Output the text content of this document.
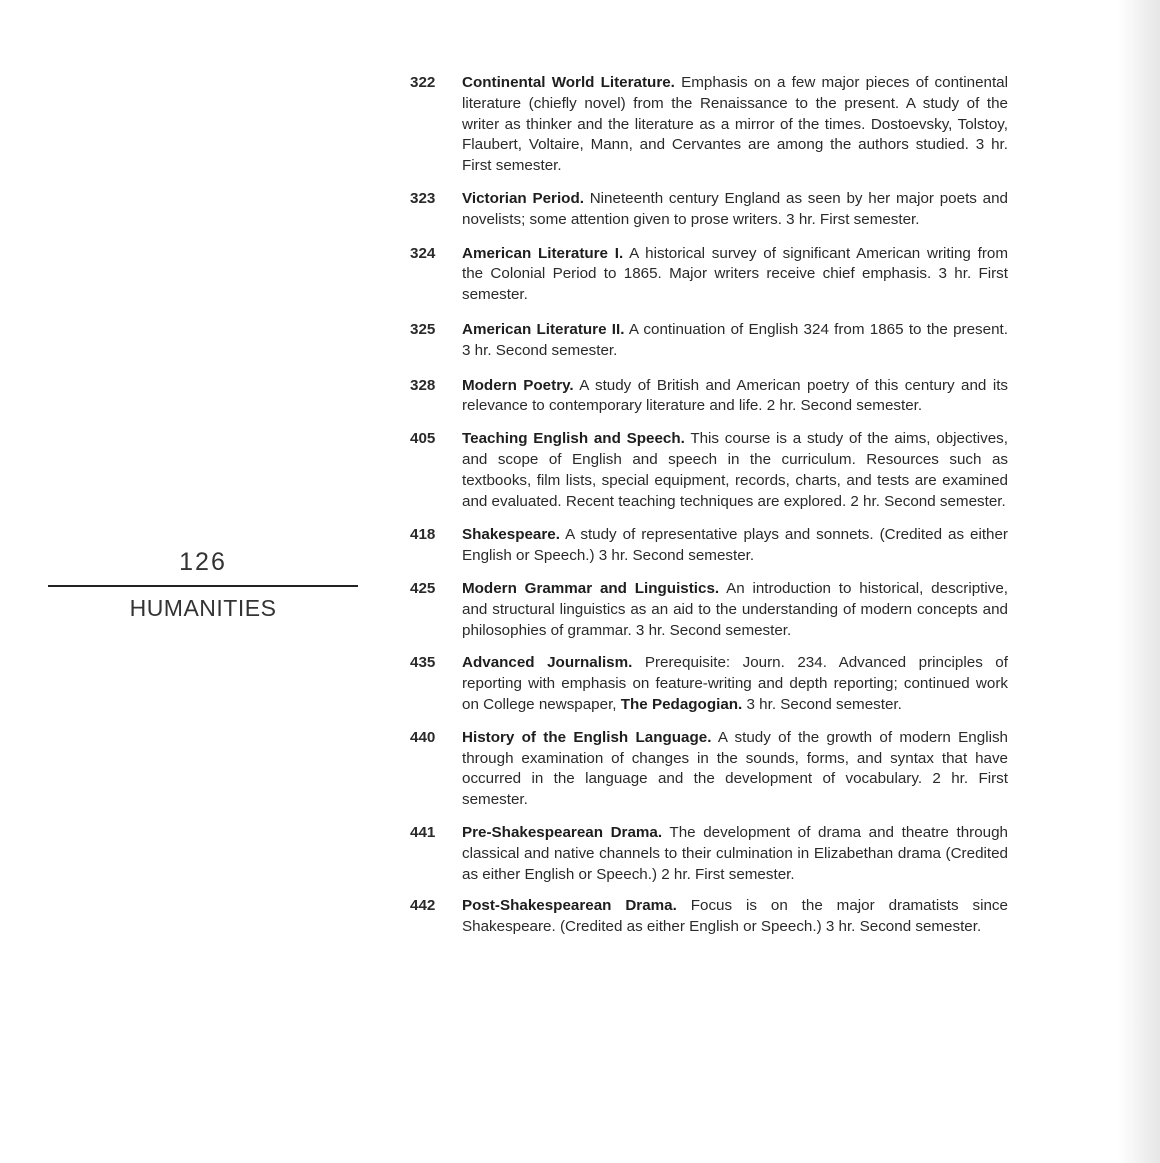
126
HUMANITIES
322	Continental World Literature. Emphasis on a few major pieces of continental literature (chiefly novel) from the Renaissance to the present. A study of the writer as thinker and the literature as a mirror of the times. Dostoevsky, Tolstoy, Flaubert, Voltaire, Mann, and Cervantes are among the authors studied. 3 hr. First semester.
323	Victorian Period. Nineteenth century England as seen by her major poets and novelists; some attention given to prose writers. 3 hr. First semester.
324	American Literature I. A historical survey of significant American writing from the Colonial Period to 1865. Major writers receive chief emphasis. 3 hr. First semester.
325	American Literature II. A continuation of English 324 from 1865 to the present. 3 hr. Second semester.
328	Modern Poetry. A study of British and American poetry of this century and its relevance to contemporary literature and life. 2 hr. Second semester.
405	Teaching English and Speech. This course is a study of the aims, objectives, and scope of English and speech in the curriculum. Resources such as textbooks, film lists, special equipment, records, charts, and tests are examined and evaluated. Recent teaching techniques are explored. 2 hr. Second semester.
418	Shakespeare. A study of representative plays and sonnets. (Credited as either English or Speech.) 3 hr. Second semester.
425	Modern Grammar and Linguistics. An introduction to historical, descriptive, and structural linguistics as an aid to the understanding of modern concepts and philosophies of grammar. 3 hr. Second semester.
435	Advanced Journalism. Prerequisite: Journ. 234. Advanced principles of reporting with emphasis on feature-writing and depth reporting; continued work on College newspaper, The Pedagogian. 3 hr. Second semester.
440	History of the English Language. A study of the growth of modern English through examination of changes in the sounds, forms, and syntax that have occurred in the language and the development of vocabulary. 2 hr. First semester.
441	Pre-Shakespearean Drama. The development of drama and theatre through classical and native channels to their culmination in Elizabethan drama (Credited as either English or Speech.) 2 hr. First semester.
442	Post-Shakespearean Drama. Focus is on the major dramatists since Shakespeare. (Credited as either English or Speech.) 3 hr. Second semester.
